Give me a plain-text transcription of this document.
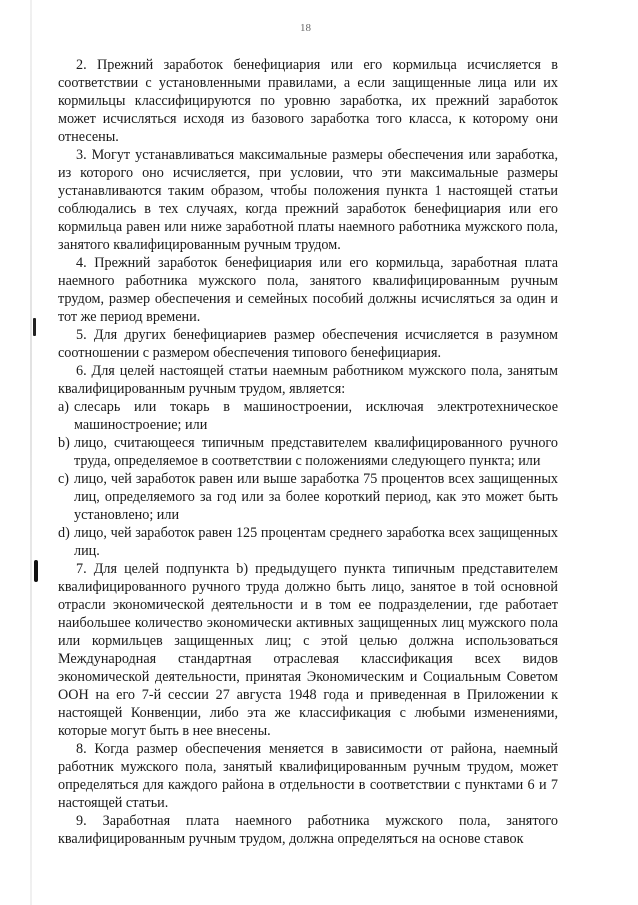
18

2. Прежний заработок бенефициария или его кормильца исчисляется в соответствии с установленными правилами, а если защищенные лица или их кормильцы классифицируются по уровню заработка, их прежний заработок может исчисляться исходя из базового заработка того класса, к которому они отнесены.

3. Могут устанавливаться максимальные размеры обеспечения или заработка, из которого оно исчисляется, при условии, что эти максимальные размеры устанавливаются таким образом, чтобы положения пункта 1 настоящей статьи соблюдались в тех случаях, когда прежний заработок бенефициария или его кормильца равен или ниже заработной платы наемного работника мужского пола, занятого квалифицированным ручным трудом.

4. Прежний заработок бенефициария или его кормильца, заработная плата наемного работника мужского пола, занятого квалифицированным ручным трудом, размер обеспечения и семейных пособий должны исчисляться за один и тот же период времени.

5. Для других бенефициариев размер обеспечения исчисляется в разумном соотношении с размером обеспечения типового бенефициария.

6. Для целей настоящей статьи наемным работником мужского пола, занятым квалифицированным ручным трудом, является:

a) слесарь или токарь в машиностроении, исключая электротехническое машиностроение; или
b) лицо, считающееся типичным представителем квалифицированного ручного труда, определяемое в соответствии с положениями следующего пункта; или
c) лицо, чей заработок равен или выше заработка 75 процентов всех защищенных лиц, определяемого за год или за более короткий период, как это может быть установлено; или
d) лицо, чей заработок равен 125 процентам среднего заработка всех защищенных лиц.

7. Для целей подпункта b) предыдущего пункта типичным представителем квалифицированного ручного труда должно быть лицо, занятое в той основной отрасли экономической деятельности и в том ее подразделении, где работает наибольшее количество экономически активных защищенных лиц мужского пола или кормильцев защищенных лиц; с этой целью должна использоваться Международная стандартная отраслевая классификация всех видов экономической деятельности, принятая Экономическим и Социальным Советом ООН на его 7-й сессии 27 августа 1948 года и приведенная в Приложении к настоящей Конвенции, либо эта же классификация с любыми изменениями, которые могут быть в нее внесены.

8. Когда размер обеспечения меняется в зависимости от района, наемный работник мужского пола, занятый квалифицированным ручным трудом, может определяться для каждого района в отдельности в соответствии с пунктами 6 и 7 настоящей статьи.

9. Заработная плата наемного работника мужского пола, занятого квалифицированным ручным трудом, должна определяться на основе ставок
